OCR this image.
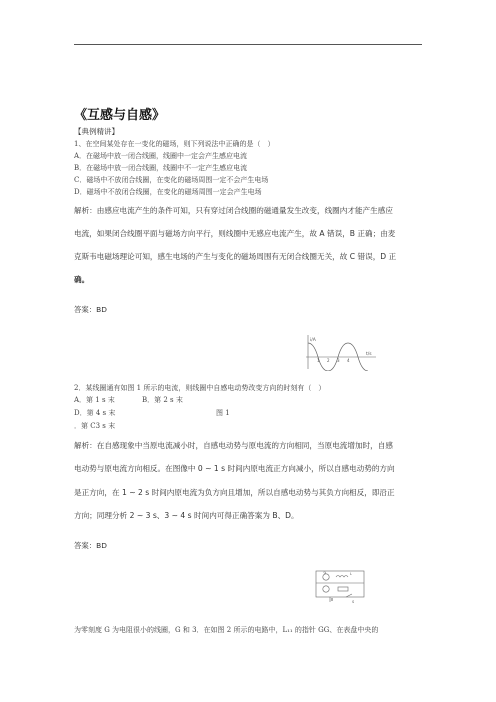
《互感与自感》
【典例精讲】
1、在空间某处存在一变化的磁场，则下列说法中正确的是（　）
A．在磁场中放一闭合线圈，线圈中一定会产生感应电流
B．在磁场中放一闭合线圈，线圈中不一定产生感应电流
C．磁场中不放闭合线圈，在变化的磁场周围一定不会产生电场
D．磁场中不放闭合线圈，在变化的磁场周围一定会产生电场
解析：由感应电流产生的条件可知，只有穿过闭合线圈的磁通量发生改变，线圈内才能产生感应
电流，如果闭合线圈平面与磁场方向平行，则线圈中无感应电流产生，故 A 错误，B 正确；由麦
克斯韦电磁场理论可知，感生电场的产生与变化的磁场周围有无闭合线圈无关，故 C 错误，D 正
确。
答案：BD
i/A
t/s
1 2 3 4
2．某线圈通有如图 1 所示的电流，则线圈中自感电动势改变方向的时刻有（　）
A．第 1 s 末	B．第 2 s 末
D．第 4 s 末	图 1
．第 C3 s 末
解析：在自感现象中当原电流减小时，自感电动势与原电流的方向相同，当原电流增加时，自感
电动势与原电流方向相反。在图像中 0 ~ 1 s 时间内原电流正方向减小，所以自感电动势的方向
是正方向，在 1 ~ 2 s 时间内原电流为负方向且增加，所以自感电动势与其负方向相反，即沿正
方向；同理分析 2 ~ 3 s、3 ~ 4 s 时间内可得正确答案为 B、D。
答案：BD
G	L
S
为零刻度 G 为电阻很小的线圈，G 和 3．在如图 2 所示的电路中，L₁₁ 的指针 GG、在表盘中央的
